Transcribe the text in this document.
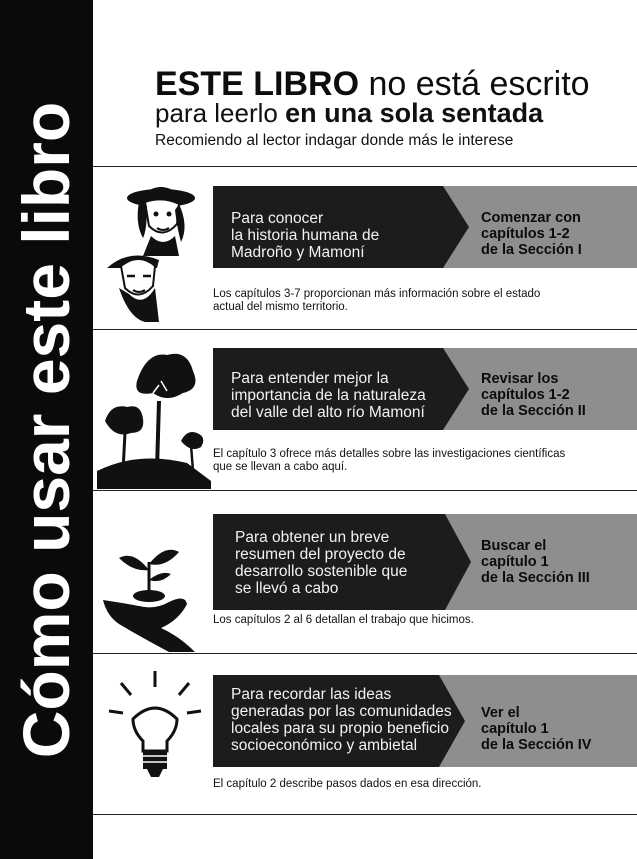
Cómo usar este libro
ESTE LIBRO no está escrito
para leerlo en una sola sentada
Recomiendo al lector indagar donde más le interese
Para conocer
la historia humana de
Madroño y Mamoní
Comenzar con
capítulos 1-2
de la Sección I
Los capítulos 3-7 proporcionan más información sobre el estado
actual del mismo territorio.
Para entender mejor la
importancia de la naturaleza
del valle del alto río Mamoní
Revisar los
capítulos 1-2
de la Sección II
El capítulo 3 ofrece más detalles sobre las investigaciones científicas
que se llevan a cabo aquí.
Para obtener un breve
resumen del proyecto de
desarrollo sostenible que
se llevó a cabo
Buscar el
capítulo 1
de la Sección III
Los capítulos 2 al 6 detallan el trabajo que hicimos.
Para recordar las ideas
generadas por las comunidades
locales para su propio beneficio
socioeconómico y ambietal
Ver el
capítulo 1
de la Sección IV
El capítulo 2 describe pasos dados en esa dirección.
